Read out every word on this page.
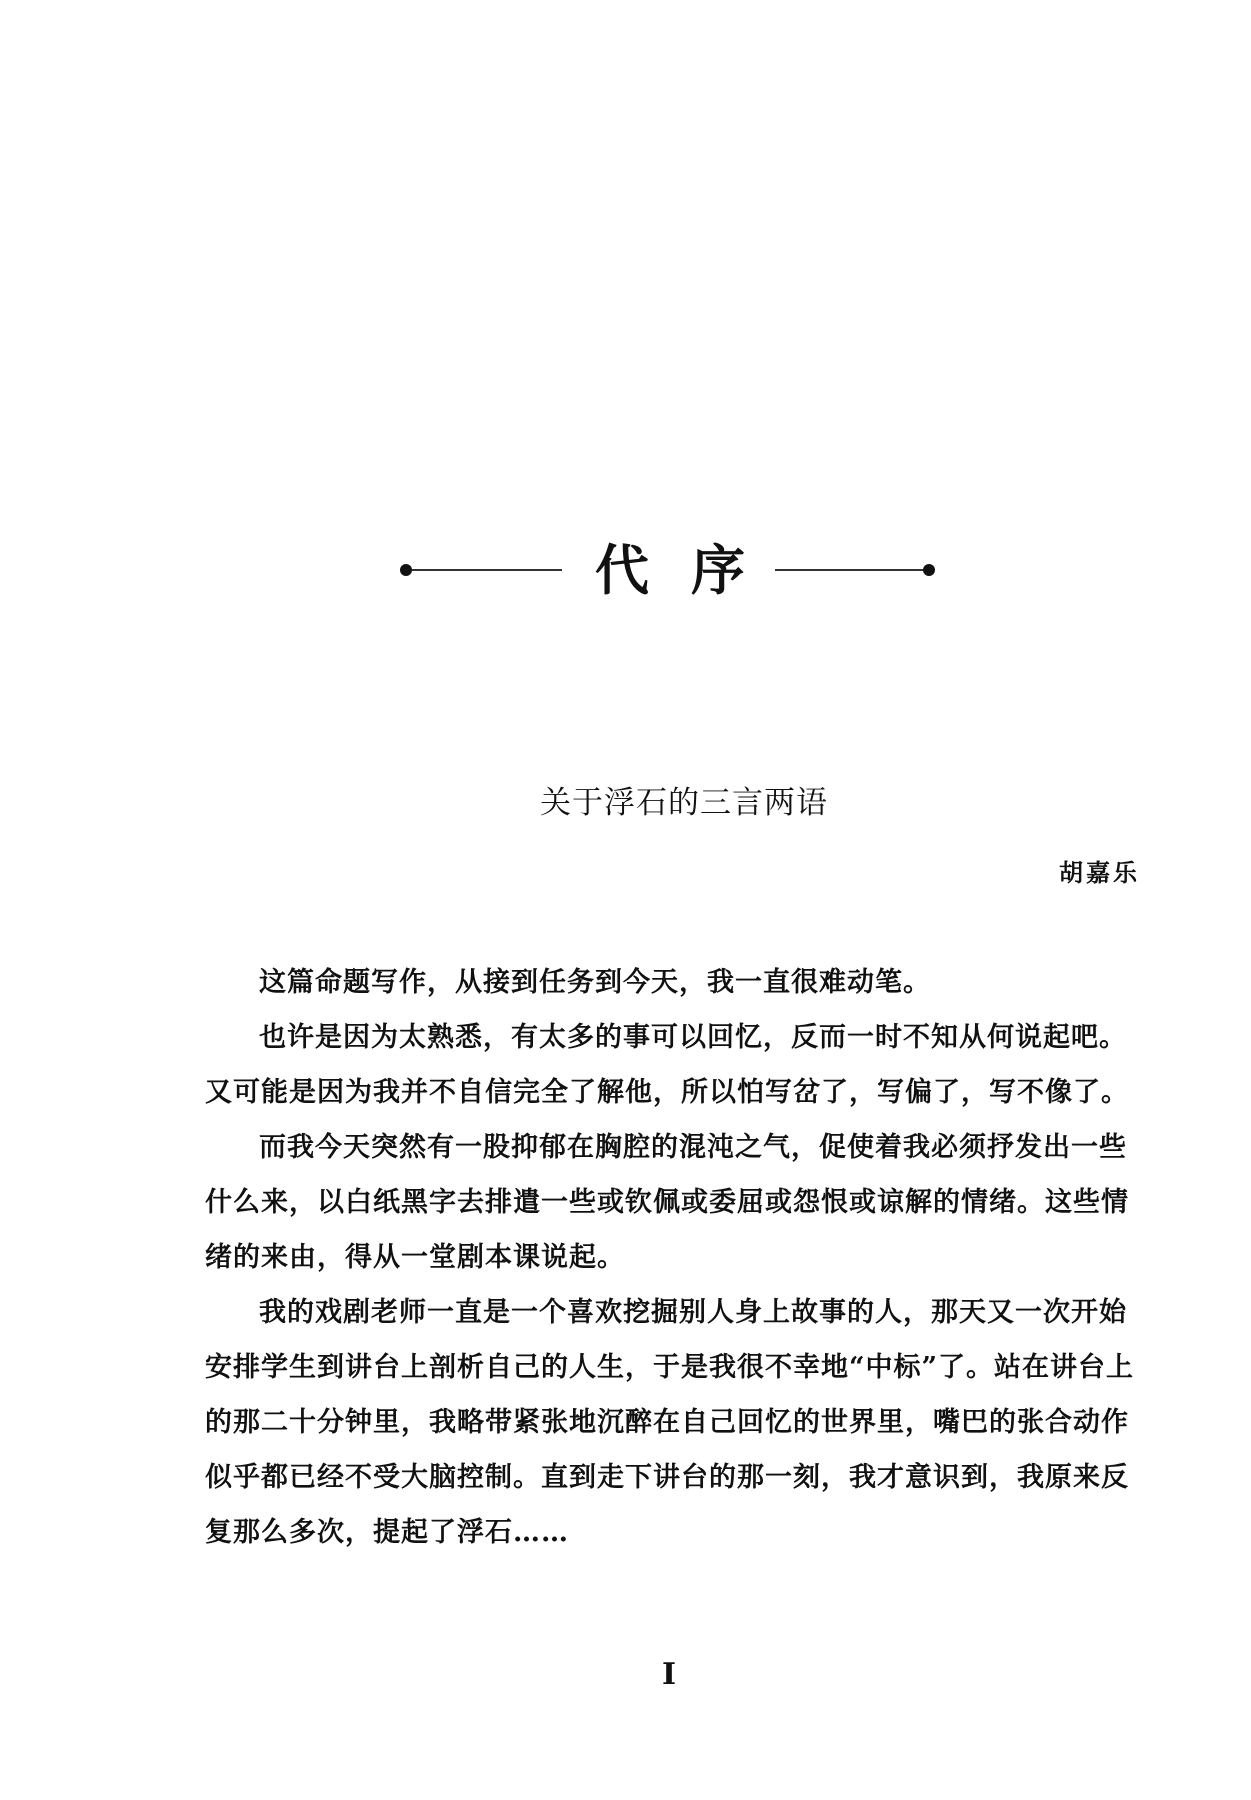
代 序
关于浮石的三言两语
胡嘉乐

这篇命题写作，从接到任务到今天，我一直很难动笔。

也许是因为太熟悉，有太多的事可以回忆，反而一时不知从何说起吧。又可能是因为我并不自信完全了解他，所以怕写岔了，写偏了，写不像了。

而我今天突然有一股抑郁在胸腔的混沌之气，促使着我必须抒发出一些什么来，以白纸黑字去排遣一些或钦佩或委屈或怨恨或谅解的情绪。这些情绪的来由，得从一堂剧本课说起。

我的戏剧老师一直是一个喜欢挖掘别人身上故事的人，那天又一次开始安排学生到讲台上剖析自己的人生，于是我很不幸地“中标”了。站在讲台上的那二十分钟里，我略带紧张地沉醉在自己回忆的世界里，嘴巴的张合动作似乎都已经不受大脑控制。直到走下讲台的那一刻，我才意识到，我原来反复那么多次，提起了浮石……

I
